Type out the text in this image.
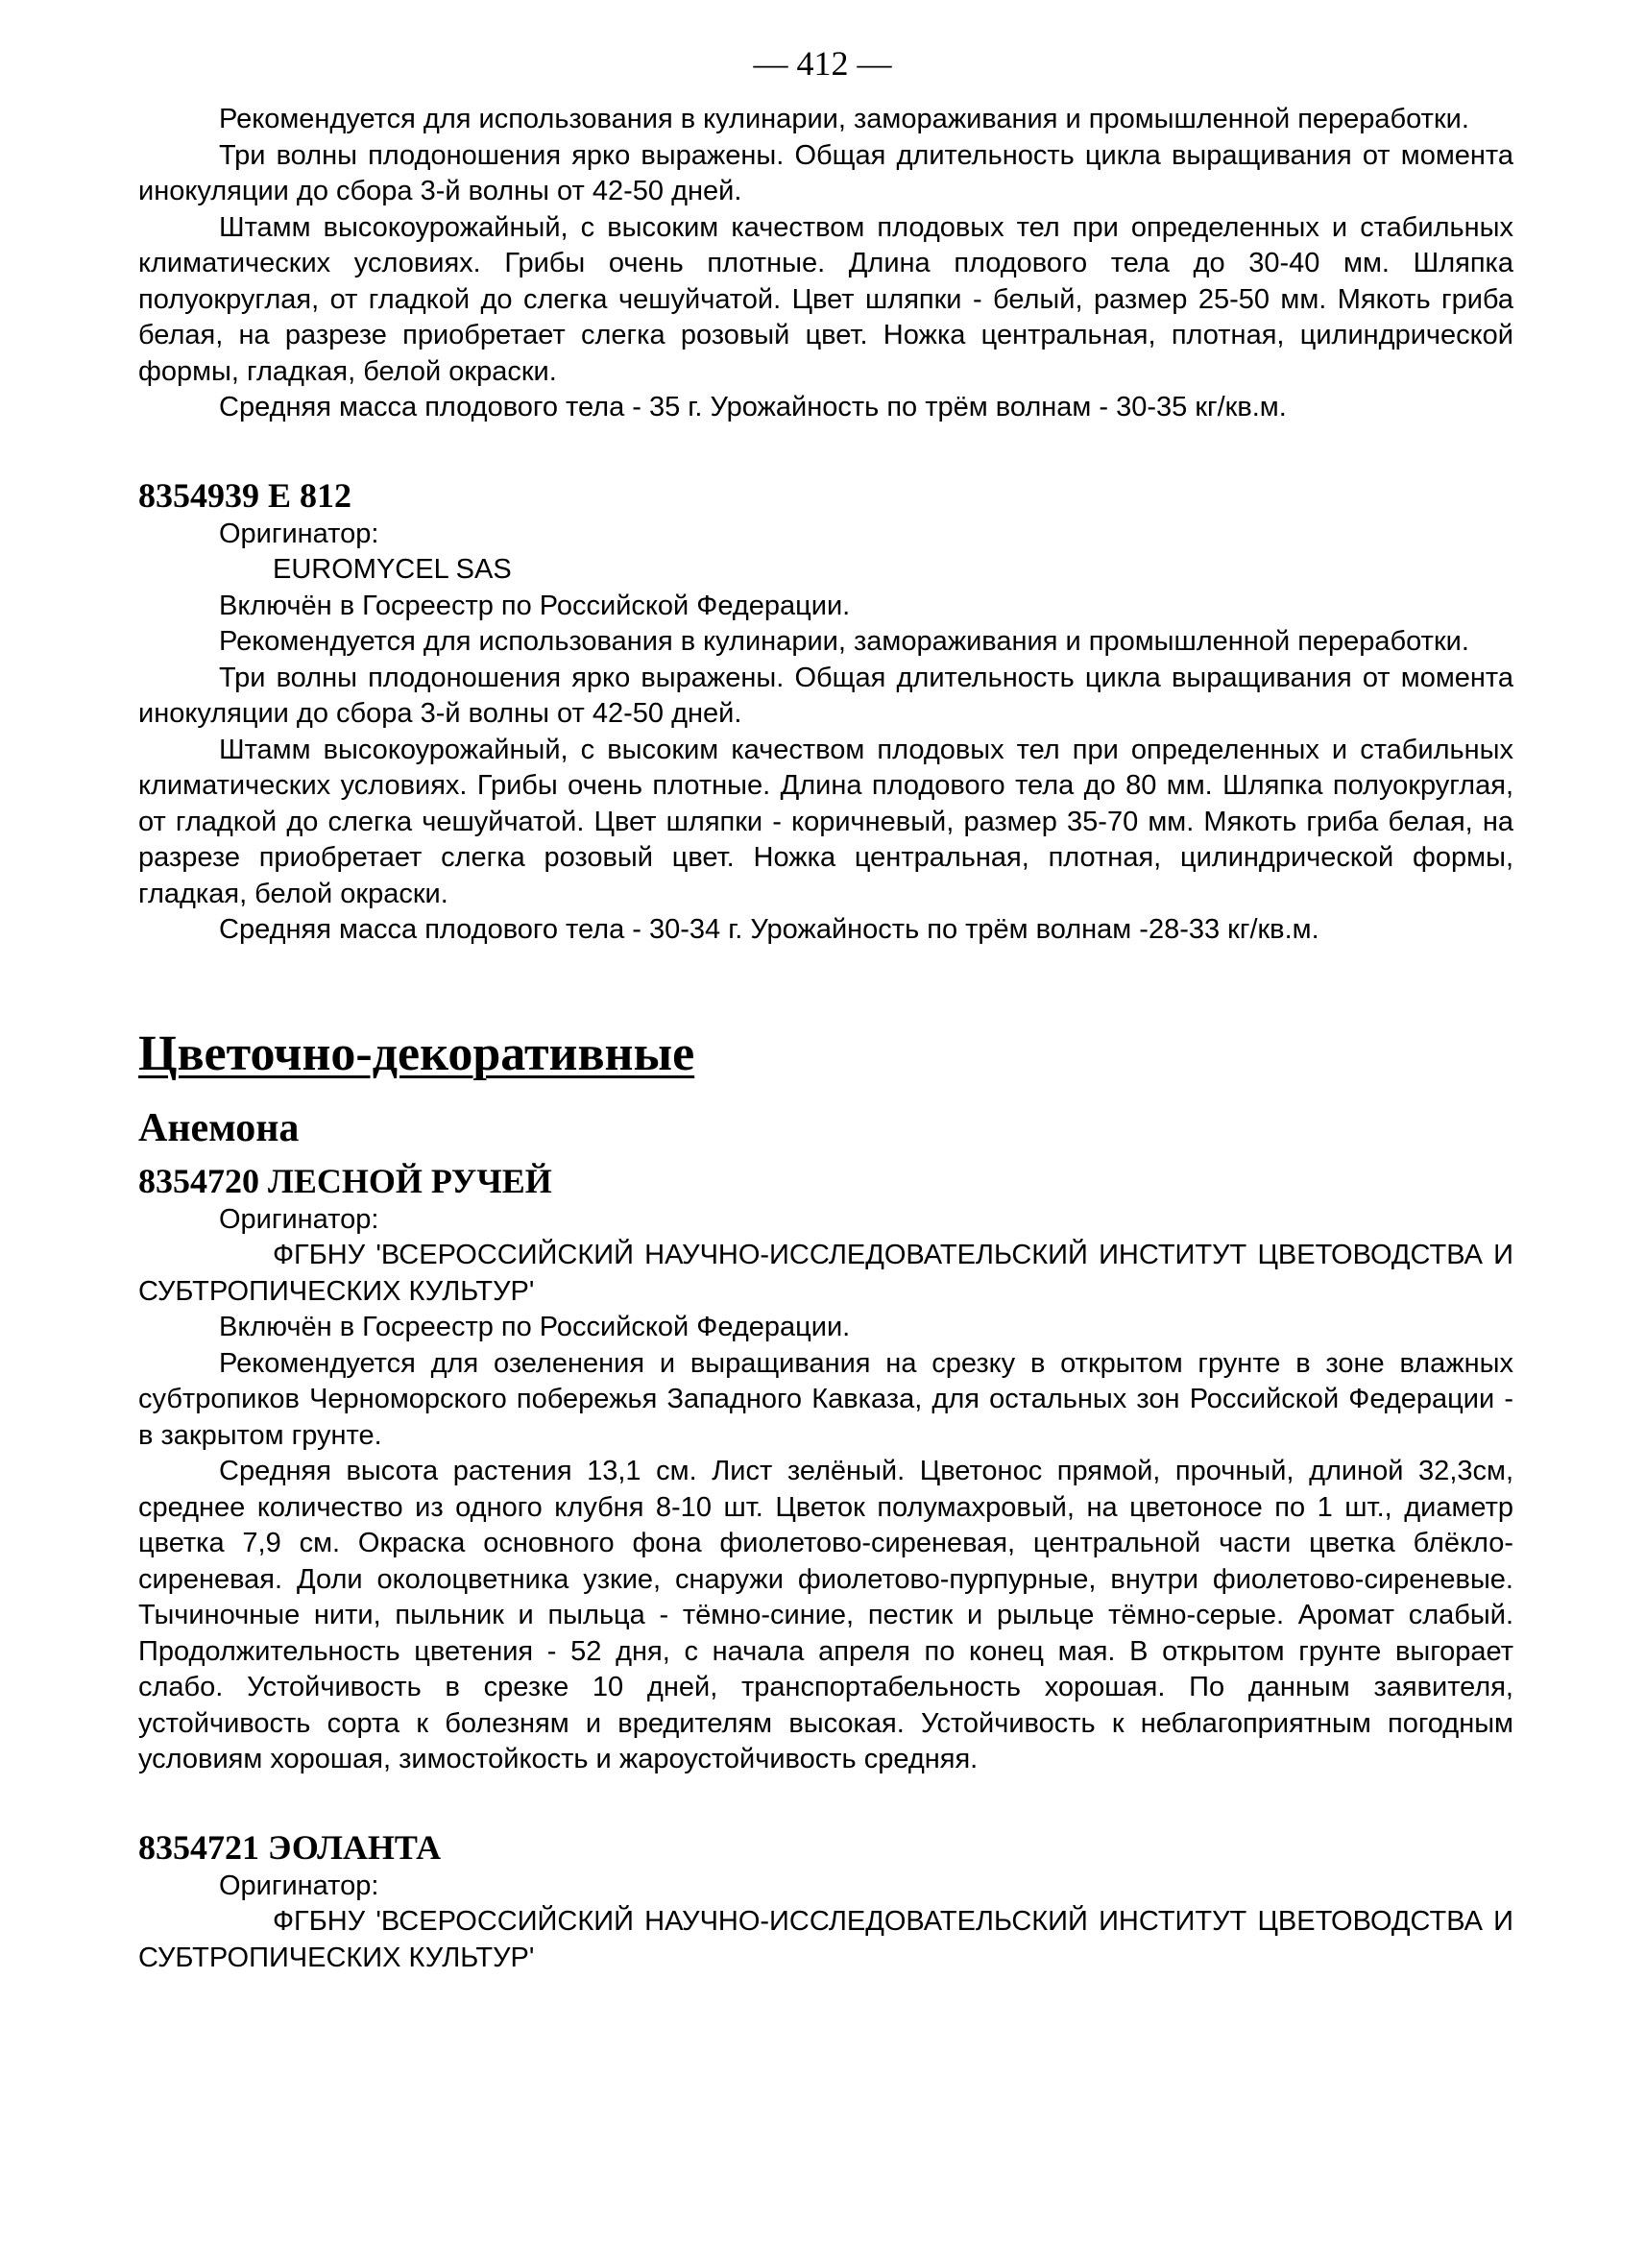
— 412 —

Рекомендуется для использования в кулинарии, замораживания и промышленной переработки.

Три волны плодоношения ярко выражены. Общая длительность цикла выращивания от момента инокуляции до сбора 3-й волны от 42-50 дней.

Штамм высокоурожайный, с высоким качеством плодовых тел при определенных и стабильных климатических условиях. Грибы очень плотные. Длина плодового тела до 30-40 мм. Шляпка полуокруглая, от гладкой до слегка чешуйчатой. Цвет шляпки - белый, размер 25-50 мм. Мякоть гриба белая, на разрезе приобретает слегка розовый цвет. Ножка центральная, плотная, цилиндрической формы, гладкая, белой окраски.

Средняя масса плодового тела - 35 г. Урожайность по трём волнам - 30-35 кг/кв.м.

8354939 E 812

Оригинатор:

EUROMYCEL SAS

Включён в Госреестр по Российской Федерации.

Рекомендуется для использования в кулинарии, замораживания и промышленной переработки.

Три волны плодоношения ярко выражены. Общая длительность цикла выращивания от момента инокуляции до сбора 3-й волны от 42-50 дней.

Штамм высокоурожайный, с высоким качеством плодовых тел при определенных и стабильных климатических условиях. Грибы очень плотные. Длина плодового тела до 80 мм. Шляпка полуокруглая, от гладкой до слегка чешуйчатой. Цвет шляпки - коричневый, размер 35-70 мм. Мякоть гриба белая, на разрезе приобретает слегка розовый цвет. Ножка центральная, плотная, цилиндрической формы, гладкая, белой окраски.

Средняя масса плодового тела - 30-34 г. Урожайность по трём волнам -28-33 кг/кв.м.

Цветочно-декоративные

Анемона

8354720 ЛЕСНОЙ РУЧЕЙ

Оригинатор:

ФГБНУ 'ВСЕРОССИЙСКИЙ НАУЧНО-ИССЛЕДОВАТЕЛЬСКИЙ ИНСТИТУТ ЦВЕТОВОДСТВА И СУБТРОПИЧЕСКИХ КУЛЬТУР'

Включён в Госреестр по Российской Федерации.

Рекомендуется для озеленения и выращивания на срезку в открытом грунте в зоне влажных субтропиков Черноморского побережья Западного Кавказа, для остальных зон Российской Федерации - в закрытом грунте.

Средняя высота растения 13,1 см. Лист зелёный. Цветонос прямой, прочный, длиной 32,3см, среднее количество из одного клубня 8-10 шт. Цветок полумахровый, на цветоносе по 1 шт., диаметр цветка 7,9 см. Окраска основного фона фиолетово-сиреневая, центральной части цветка блёкло-сиреневая. Доли околоцветника узкие, снаружи фиолетово-пурпурные, внутри фиолетово-сиреневые. Тычиночные нити, пыльник и пыльца - тёмно-синие, пестик и рыльце тёмно-серые. Аромат слабый. Продолжительность цветения - 52 дня, с начала апреля по конец мая. В открытом грунте выгорает слабо. Устойчивость в срезке 10 дней, транспортабельность хорошая. По данным заявителя, устойчивость сорта к болезням и вредителям высокая. Устойчивость к неблагоприятным погодным условиям хорошая, зимостойкость и жароустойчивость средняя.

8354721 ЭОЛАНТА

Оригинатор:

ФГБНУ 'ВСЕРОССИЙСКИЙ НАУЧНО-ИССЛЕДОВАТЕЛЬСКИЙ ИНСТИТУТ ЦВЕТОВОДСТВА И СУБТРОПИЧЕСКИХ КУЛЬТУР'
